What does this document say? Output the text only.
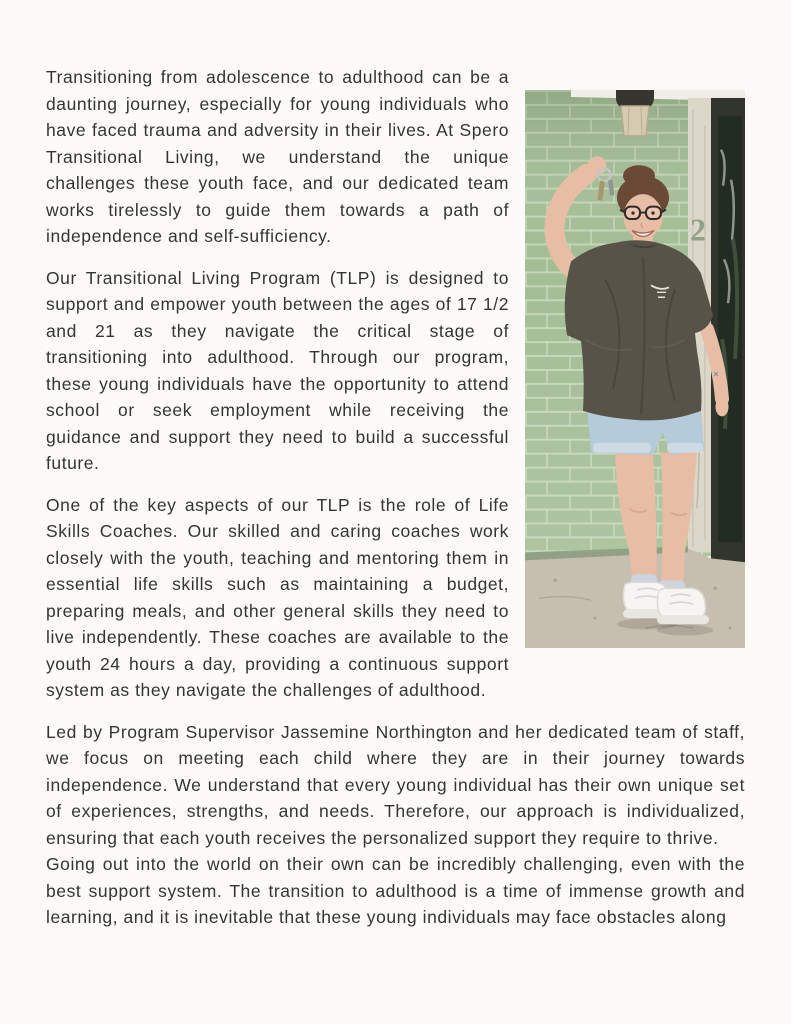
2

Transitioning from adolescence to adulthood can be a daunting journey, especially for young individuals who have faced trauma and adversity in their lives. At Spero Transitional Living, we understand the unique challenges these youth face, and our dedicated team works tirelessly to guide them towards a path of independence and self-sufficiency.

Our Transitional Living Program (TLP) is designed to support and empower youth between the ages of 17 1/2 and 21 as they navigate the critical stage of transitioning into adulthood. Through our program, these young individuals have the opportunity to attend school or seek employment while receiving the guidance and support they need to build a successful future.

One of the key aspects of our TLP is the role of Life Skills Coaches. Our skilled and caring coaches work closely with the youth, teaching and mentoring them in essential life skills such as maintaining a budget, preparing meals, and other general skills they need to live independently. These coaches are available to the youth 24 hours a day, providing a continuous support system as they navigate the challenges of adulthood.

Led by Program Supervisor Jassemine Northington and her dedicated team of staff, we focus on meeting each child where they are in their journey towards independence. We understand that every young individual has their own unique set of experiences, strengths, and needs. Therefore, our approach is individualized, ensuring that each youth receives the personalized support they require to thrive.

Going out into the world on their own can be incredibly challenging, even with the best support system. The transition to adulthood is a time of immense growth and learning, and it is inevitable that these young individuals may face obstacles along
